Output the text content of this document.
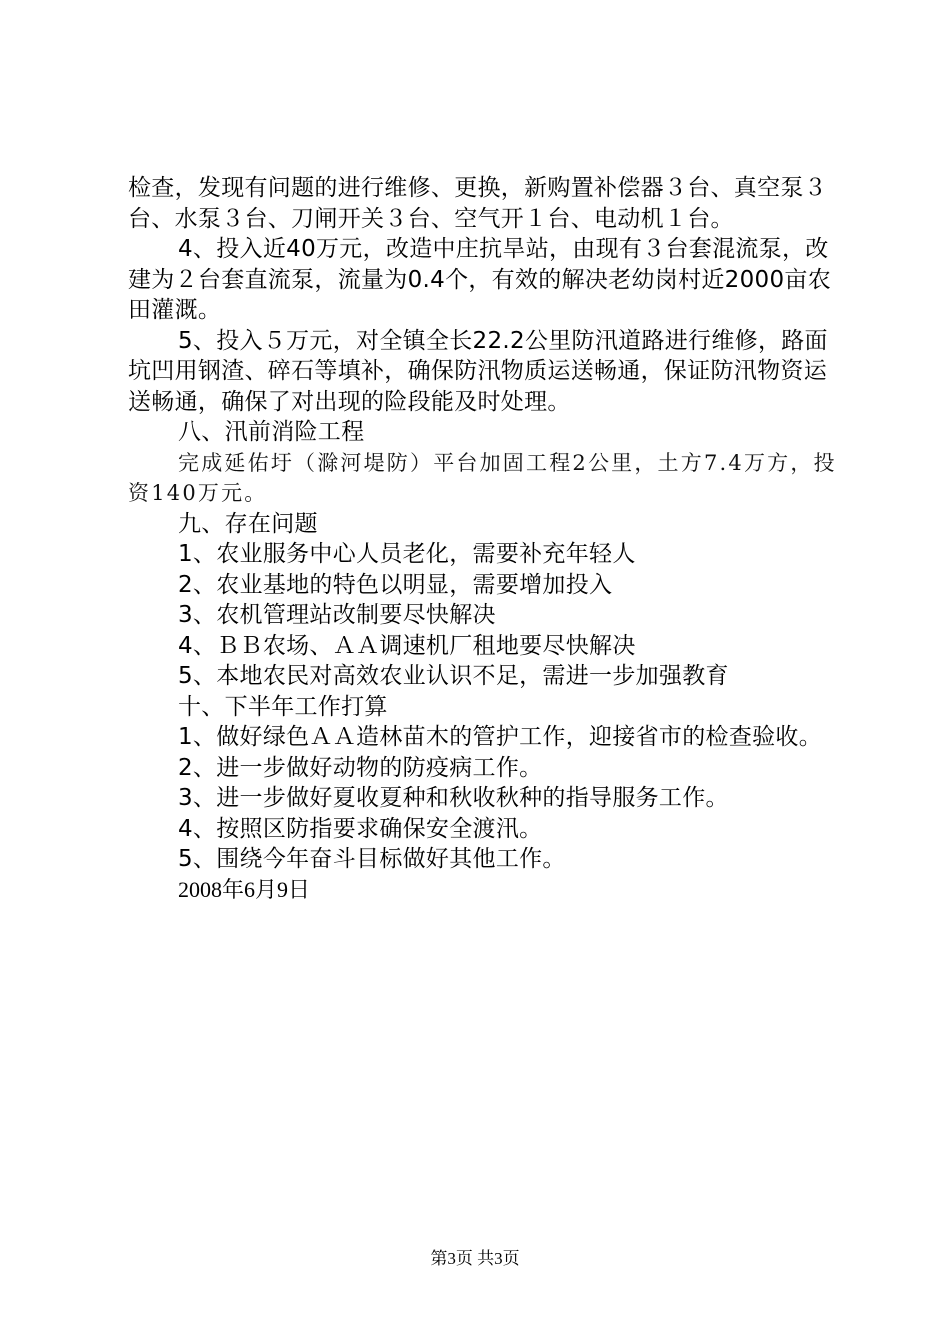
检查，发现有问题的进行维修、更换，新购置补偿器３台、真空泵３台、水泵３台、刀闸开关３台、空气开１台、电动机１台。

4、投入近40万元，改造中庄抗旱站，由现有３台套混流泵，改建为２台套直流泵，流量为0.4个，有效的解决老幼岗村近2000亩农田灌溉。

5、投入５万元，对全镇全长22.2公里防汛道路进行维修，路面坑凹用钢渣、碎石等填补，确保防汛物质运送畅通，保证防汛物资运送畅通，确保了对出现的险段能及时处理。

八、汛前消险工程

完成延佑圩（滁河堤防）平台加固工程2公里，土方7.4万方，投资140万元。

九、存在问题

1、农业服务中心人员老化，需要补充年轻人

2、农业基地的特色以明显，需要增加投入

3、农机管理站改制要尽快解决

4、ＢＢ农场、ＡＡ调速机厂租地要尽快解决

5、本地农民对高效农业认识不足，需进一步加强教育

十、下半年工作打算

1、做好绿色ＡＡ造林苗木的管护工作，迎接省市的检查验收。

2、进一步做好动物的防疫病工作。

3、进一步做好夏收夏种和秋收秋种的指导服务工作。

4、按照区防指要求确保安全渡汛。

5、围绕今年奋斗目标做好其他工作。

2008年6月9日

第3页 共3页
